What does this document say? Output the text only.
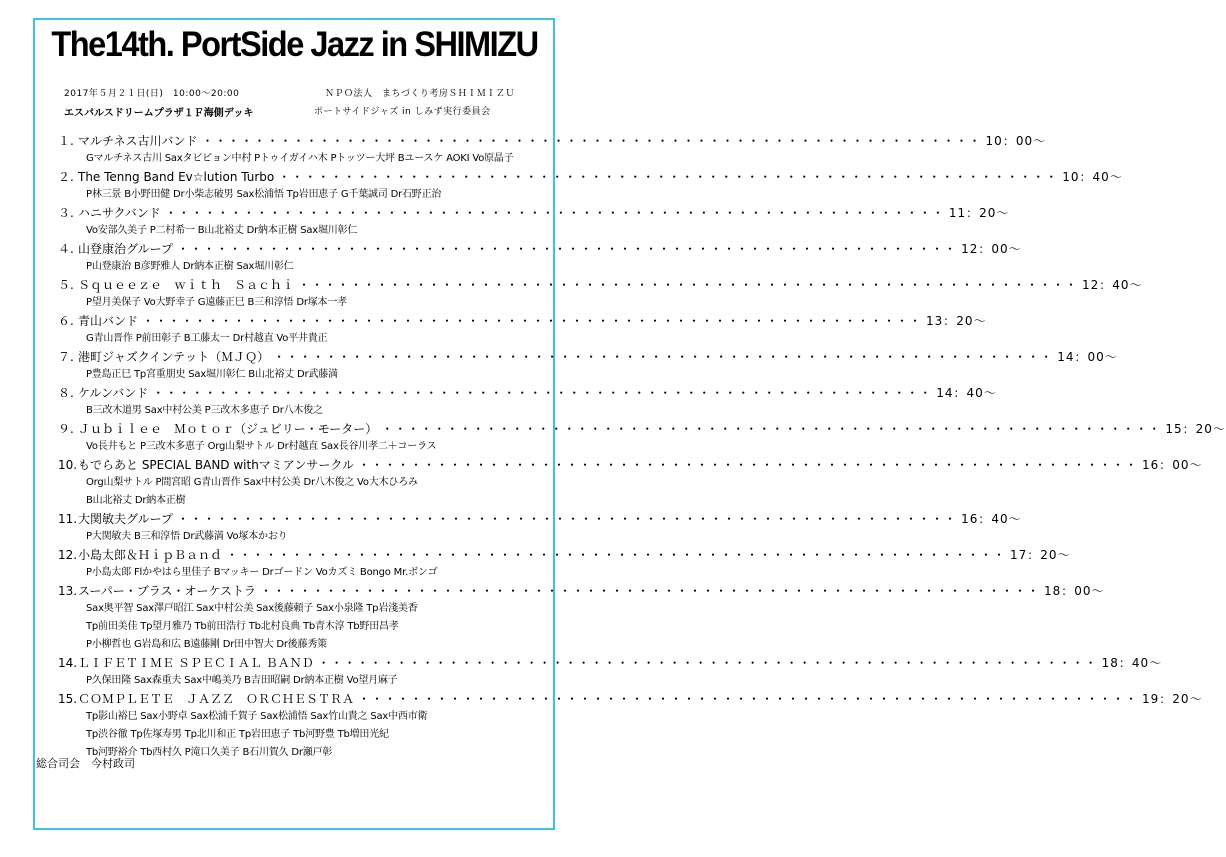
The14th. PortSide Jazz in SHIMIZU
2017年５月２１日(日)　10:00〜20:00	ＮＰＯ法人　まちづくり考房ＳＨＩＭＩＺＵ
エスパルスドリームプラザ１Ｆ海側デッキ	ポートサイドジャズ in しみず実行委員会
１. マルチネス古川バンド ・・・・・・・・・・・・・・・・・・・・・・・・・・・・・・・・・・・・・・・・・・・・・・・・・・・・・・・・・・・・ 10：00〜
Gマルチネス古川 Saxタビピョン中村 Pトゥイガイハ木 Pトッツー大坪 Bユースケ AOKI Vo原晶子
２. The Tenng Band Ev☆lution Turbo ・・・・・・・・・・・・・・・・・・・・・・・・・・・・・・・・・・・・・・・・・・・・・・・・・・・・・・・・・・・・ 10：40〜
P林三景 B小野田健 Dr小柴志破男 Sax松浦悟 Tp岩田恵子 G千葉誠司 Dr石野正治
３. ハニサクバンド ・・・・・・・・・・・・・・・・・・・・・・・・・・・・・・・・・・・・・・・・・・・・・・・・・・・・・・・・・・・・ 11：20〜
Vo安部久美子 P二村希一 B山北裕丈 Dr納本正樹 Sax堀川彰仁
４. 山登康治グループ ・・・・・・・・・・・・・・・・・・・・・・・・・・・・・・・・・・・・・・・・・・・・・・・・・・・・・・・・・・・・ 12：00〜
P山登康治 B彦野雅人 Dr納本正樹 Sax堀川彰仁
５. Ｓｑｕｅｅｚｅ　ｗｉｔｈ　Ｓａｃｈｉ ・・・・・・・・・・・・・・・・・・・・・・・・・・・・・・・・・・・・・・・・・・・・・・・・・・・・・・・・・・・・ 12：40〜
P望月美保子 Vo大野幸子 G遠藤正巳 B三和淳悟 Dr塚本一孝
６. 青山バンド ・・・・・・・・・・・・・・・・・・・・・・・・・・・・・・・・・・・・・・・・・・・・・・・・・・・・・・・・・・・・ 13：20〜
G青山晋作 P前田彰子 B工藤太一 Dr村越直 Vo平井貴正
７. 港町ジャズクインテット（ＭＪＱ） ・・・・・・・・・・・・・・・・・・・・・・・・・・・・・・・・・・・・・・・・・・・・・・・・・・・・・・・・・・・・ 14：00〜
P豊島正巳 Tp宮重朋史 Sax堀川彰仁 B山北裕丈 Dr武藤満
８. ケルンバンド ・・・・・・・・・・・・・・・・・・・・・・・・・・・・・・・・・・・・・・・・・・・・・・・・・・・・・・・・・・・・ 14：40〜
B三改木道男 Sax中村公美 P三改木多恵子 Dr八木俊之
９. Ｊｕｂｉｌｅｅ　Ｍｏｔｏｒ（ジュビリー・モーター） ・・・・・・・・・・・・・・・・・・・・・・・・・・・・・・・・・・・・・・・・・・・・・・・・・・・・・・・・・・・・ 15：20〜
Vo長井もと P三改木多恵子 Org山梨サトル Dr村越直 Sax長谷川孝二＋コーラス
10. もでらあと SPECIAL BAND withマミアンサークル ・・・・・・・・・・・・・・・・・・・・・・・・・・・・・・・・・・・・・・・・・・・・・・・・・・・・・・・・・・・・ 16：00〜
Org山梨サトル P間宮昭 G青山晋作 Sax中村公美 Dr八木俊之 Vo大木ひろみ
B山北裕丈 Dr納本正樹
11. 大関敏夫グループ ・・・・・・・・・・・・・・・・・・・・・・・・・・・・・・・・・・・・・・・・・・・・・・・・・・・・・・・・・・・・ 16：40〜
P大関敏夫 B三和淳悟 Dr武藤満 Vo塚本かおり
12. 小島太郎＆ＨｉｐＢａｎｄ ・・・・・・・・・・・・・・・・・・・・・・・・・・・・・・・・・・・・・・・・・・・・・・・・・・・・・・・・・・・・ 17：20〜
P小島太郎 Flかやはら里佳子 Bマッキー Drゴードン Voカズミ Bongo Mr.ボンゴ
13. スーパー・ブラス・オーケストラ ・・・・・・・・・・・・・・・・・・・・・・・・・・・・・・・・・・・・・・・・・・・・・・・・・・・・・・・・・・・・ 18：00〜
Sax奥平智 Sax澤戸昭江 Sax中村公美 Sax後藤頼子 Sax小泉隆 Tp岩淺美香
Tp前田美佳 Tp望月雅乃 Tb前田浩行 Tb北村良典 Tb青木淳 Tb野田昌孝
P小柳哲也 G岩島和広 B遠藤剛 Dr田中智大 Dr後藤秀策
14. ＬＩＦＥＴＩＭＥ ＳＰＥＣＩＡＬ ＢＡＮＤ ・・・・・・・・・・・・・・・・・・・・・・・・・・・・・・・・・・・・・・・・・・・・・・・・・・・・・・・・・・・・ 18：40〜
P久保田隆 Sax森重夫 Sax中嶋美乃 B吉田昭嗣 Dr納本正樹 Vo望月麻子
15. ＣＯＭＰＬＥＴＥ　ＪＡＺＺ　ＯＲＣＨＥＳＴＲＡ ・・・・・・・・・・・・・・・・・・・・・・・・・・・・・・・・・・・・・・・・・・・・・・・・・・・・・・・・・・・・ 19：20〜
Tp影山裕巳 Sax小野卓 Sax松浦千賀子 Sax松浦悟 Sax竹山貴之 Sax中西市衛
Tp渋谷徹 Tp佐塚寿男 Tp北川和正 Tp岩田恵子 Tb河野豊 Tb増田光紀
Tb河野裕介 Tb西村久 P滝口久美子 B石川賀久 Dr瀬戸彰
総合司会　今村政司
